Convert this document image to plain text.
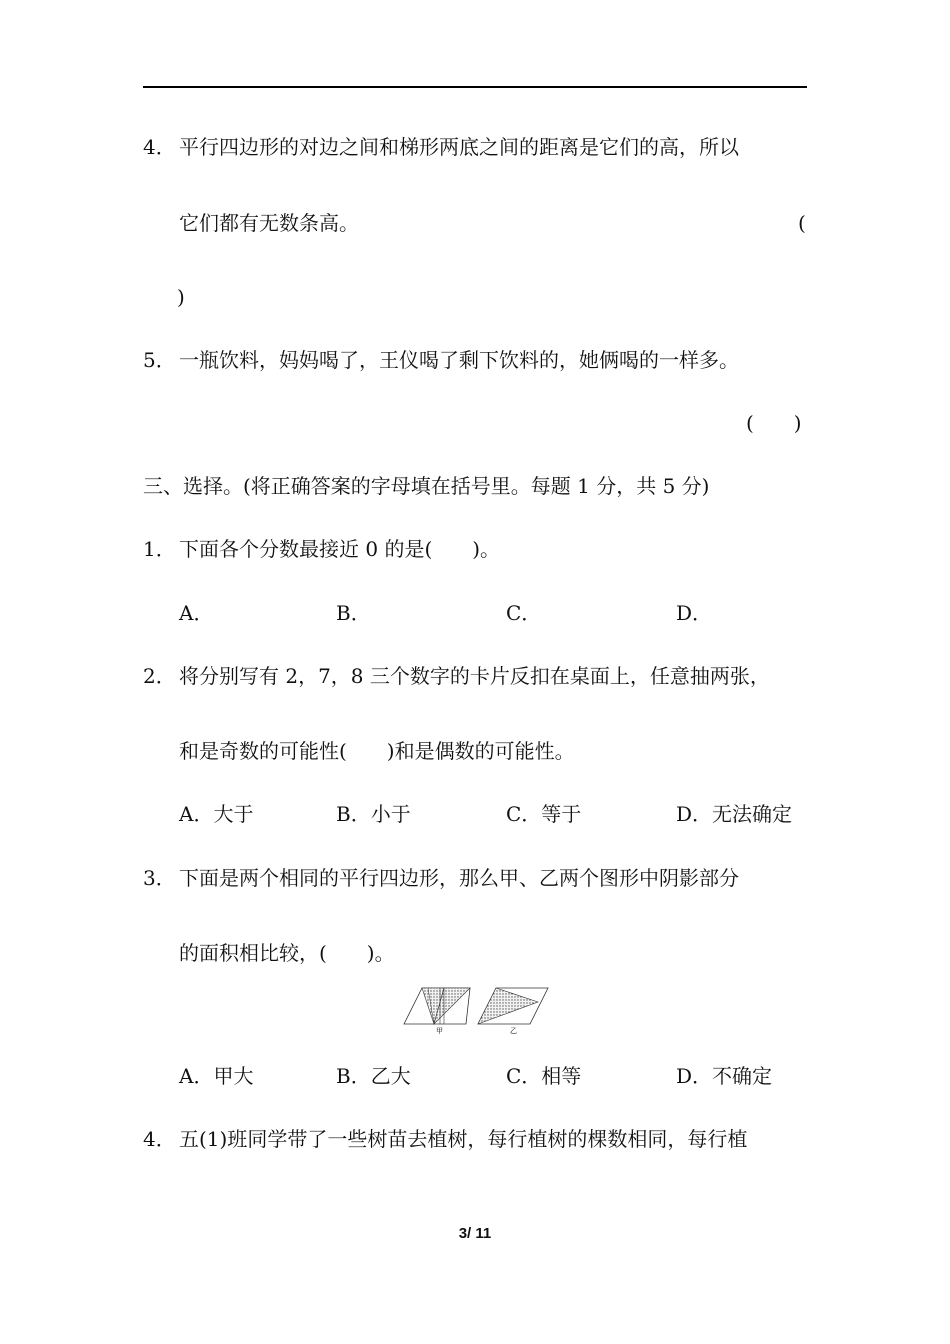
4． 平行四边形的对边之间和梯形两底之间的距离是它们的高，所以
它们都有无数条高。	(
)
5． 一瓶饮料，妈妈喝了，王仪喝了剩下饮料的，她俩喝的一样多。
(　　)
三、选择。(将正确答案的字母填在括号里。每题 1 分，共 5 分)
1． 下面各个分数最接近 0 的是(　　)。
A．	B．	C．	D．
2． 将分别写有 2，7，8 三个数字的卡片反扣在桌面上，任意抽两张，
和是奇数的可能性(　　)和是偶数的可能性。
A．大于	B．小于	C．等于	D．无法确定
3． 下面是两个相同的平行四边形，那么甲、乙两个图形中阴影部分
的面积相比较，(　　)。
甲	乙
A．甲大	B．乙大	C．相等	D．不确定
4． 五(1)班同学带了一些树苗去植树，每行植树的棵数相同，每行植
3/ 11
